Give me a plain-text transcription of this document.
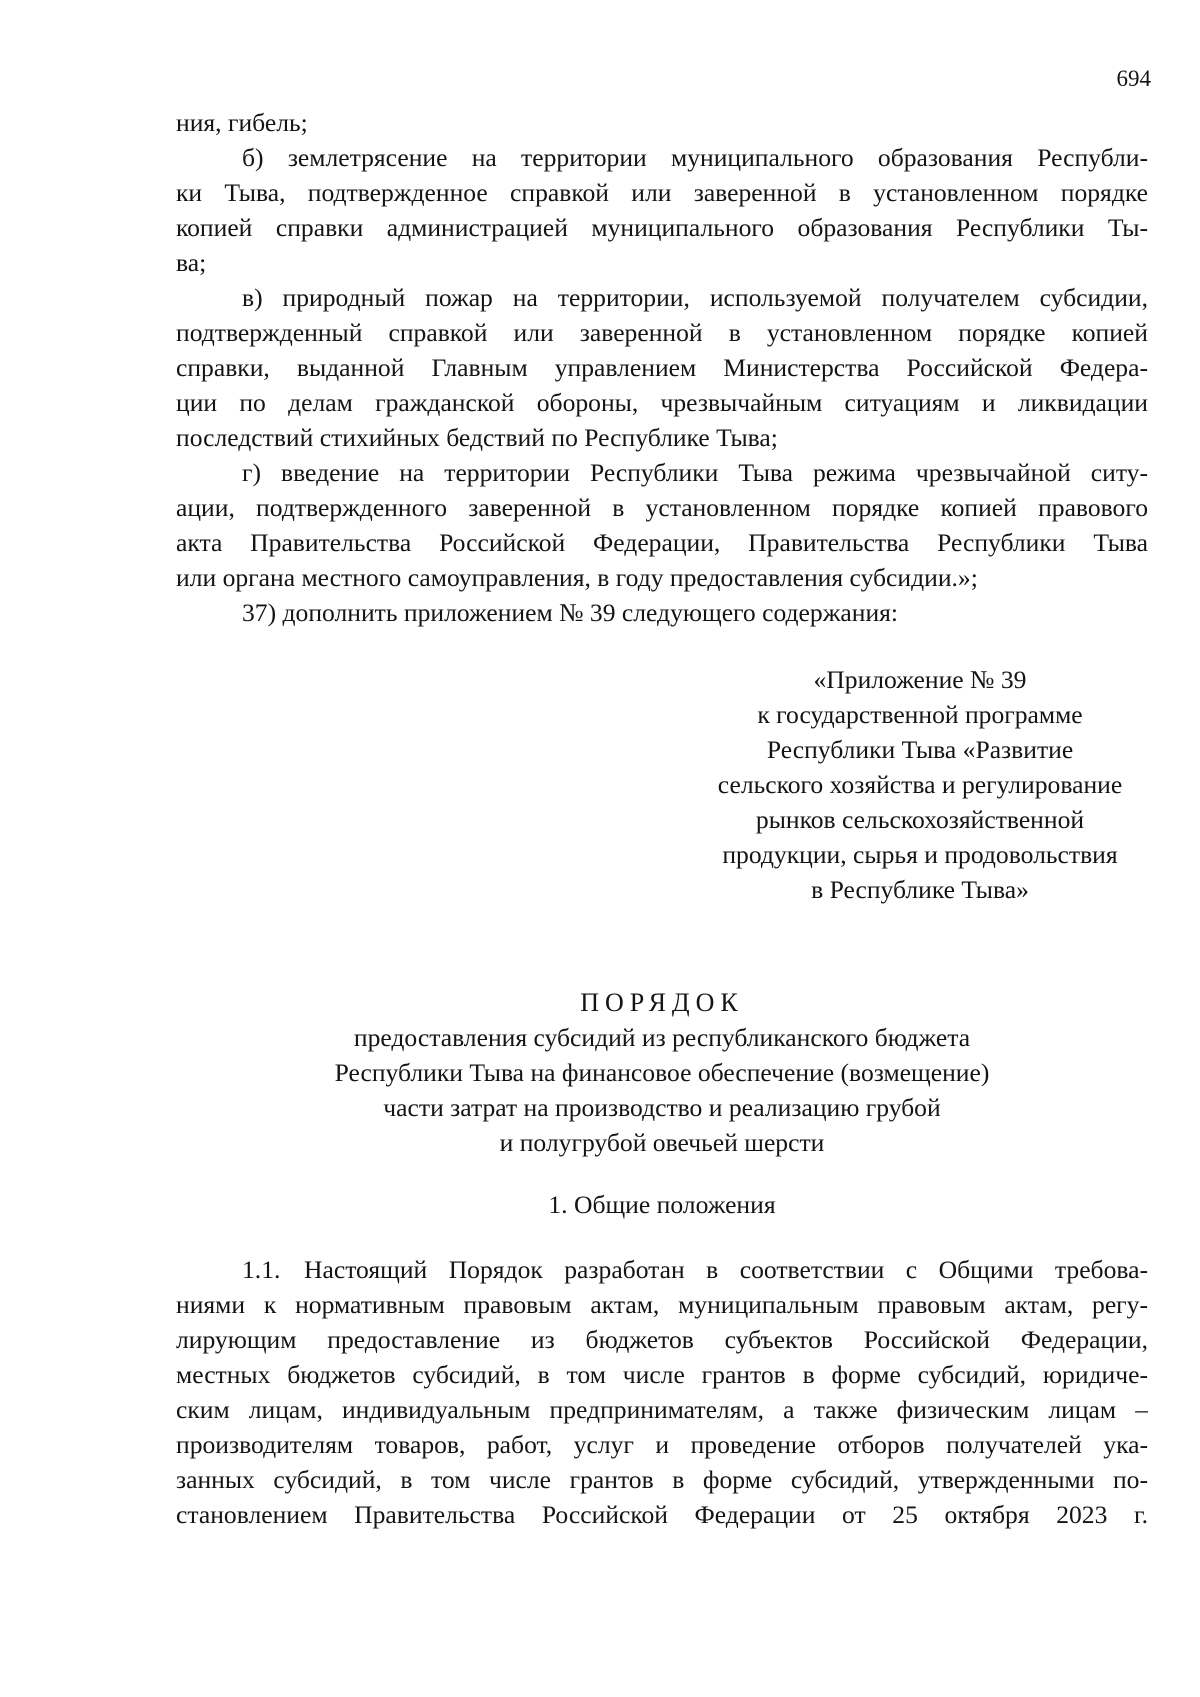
694
ния, гибель;
б) землетрясение на территории муниципального образования Республи-
ки Тыва, подтвержденное справкой или заверенной в установленном порядке
копией справки администрацией муниципального образования Республики Ты-
ва;
в) природный пожар на территории, используемой получателем субсидии,
подтвержденный справкой или заверенной в установленном порядке копией
справки, выданной Главным управлением Министерства Российской Федера-
ции по делам гражданской обороны, чрезвычайным ситуациям и ликвидации
последствий стихийных бедствий по Республике Тыва;
г) введение на территории Республики Тыва режима чрезвычайной ситу-
ации, подтвержденного заверенной в установленном порядке копией правового
акта Правительства Российской Федерации, Правительства Республики Тыва
или органа местного самоуправления, в году предоставления субсидии.»;
37) дополнить приложением № 39 следующего содержания:
«Приложение № 39
к государственной программе
Республики Тыва «Развитие
сельского хозяйства и регулирование
рынков сельскохозяйственной
продукции, сырья и продовольствия
в Республике Тыва»
ПОРЯДОК
предоставления субсидий из республиканского бюджета
Республики Тыва на финансовое обеспечение (возмещение)
части затрат на производство и реализацию грубой
и полугрубой овечьей шерсти
1. Общие положения
1.1. Настоящий Порядок разработан в соответствии с Общими требова-
ниями к нормативным правовым актам, муниципальным правовым актам, регу-
лирующим предоставление из бюджетов субъектов Российской Федерации,
местных бюджетов субсидий, в том числе грантов в форме субсидий, юридиче-
ским лицам, индивидуальным предпринимателям, а также физическим лицам –
производителям товаров, работ, услуг и проведение отборов получателей ука-
занных субсидий, в том числе грантов в форме субсидий, утвержденными по-
становлением Правительства Российской Федерации от 25 октября 2023 г.
